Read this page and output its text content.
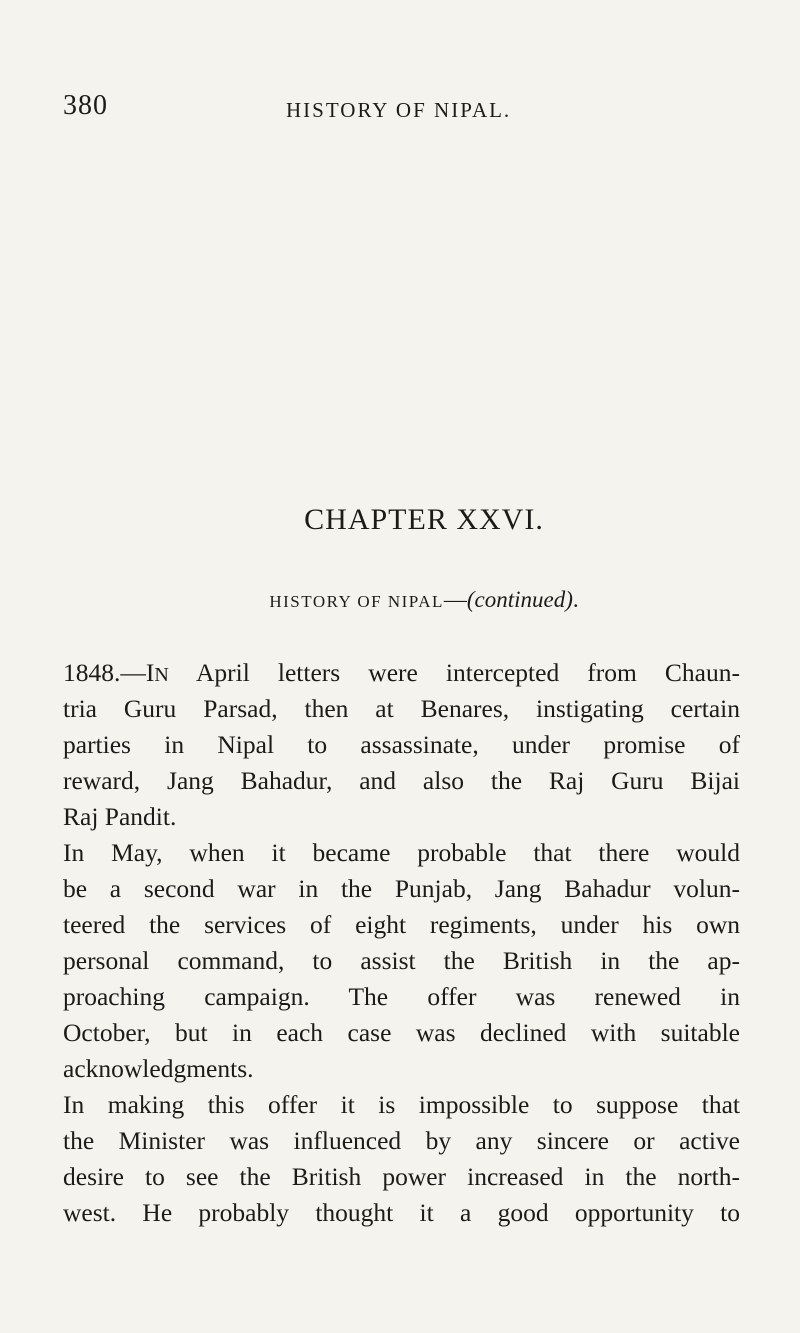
380	HISTORY OF NIPAL.
CHAPTER XXVI.
HISTORY OF NIPAL—(continued).
1848.—IN April letters were intercepted from Chaun-
tria Guru Parsad, then at Benares, instigating certain
parties in Nipal to assassinate, under promise of
reward, Jang Bahadur, and also the Raj Guru Bijai
Raj Pandit.
In May, when it became probable that there would
be a second war in the Punjab, Jang Bahadur volun-
teered the services of eight regiments, under his own
personal command, to assist the British in the ap-
proaching campaign. The offer was renewed in
October, but in each case was declined with suitable
acknowledgments.
In making this offer it is impossible to suppose that
the Minister was influenced by any sincere or active
desire to see the British power increased in the north-
west. He probably thought it a good opportunity to
